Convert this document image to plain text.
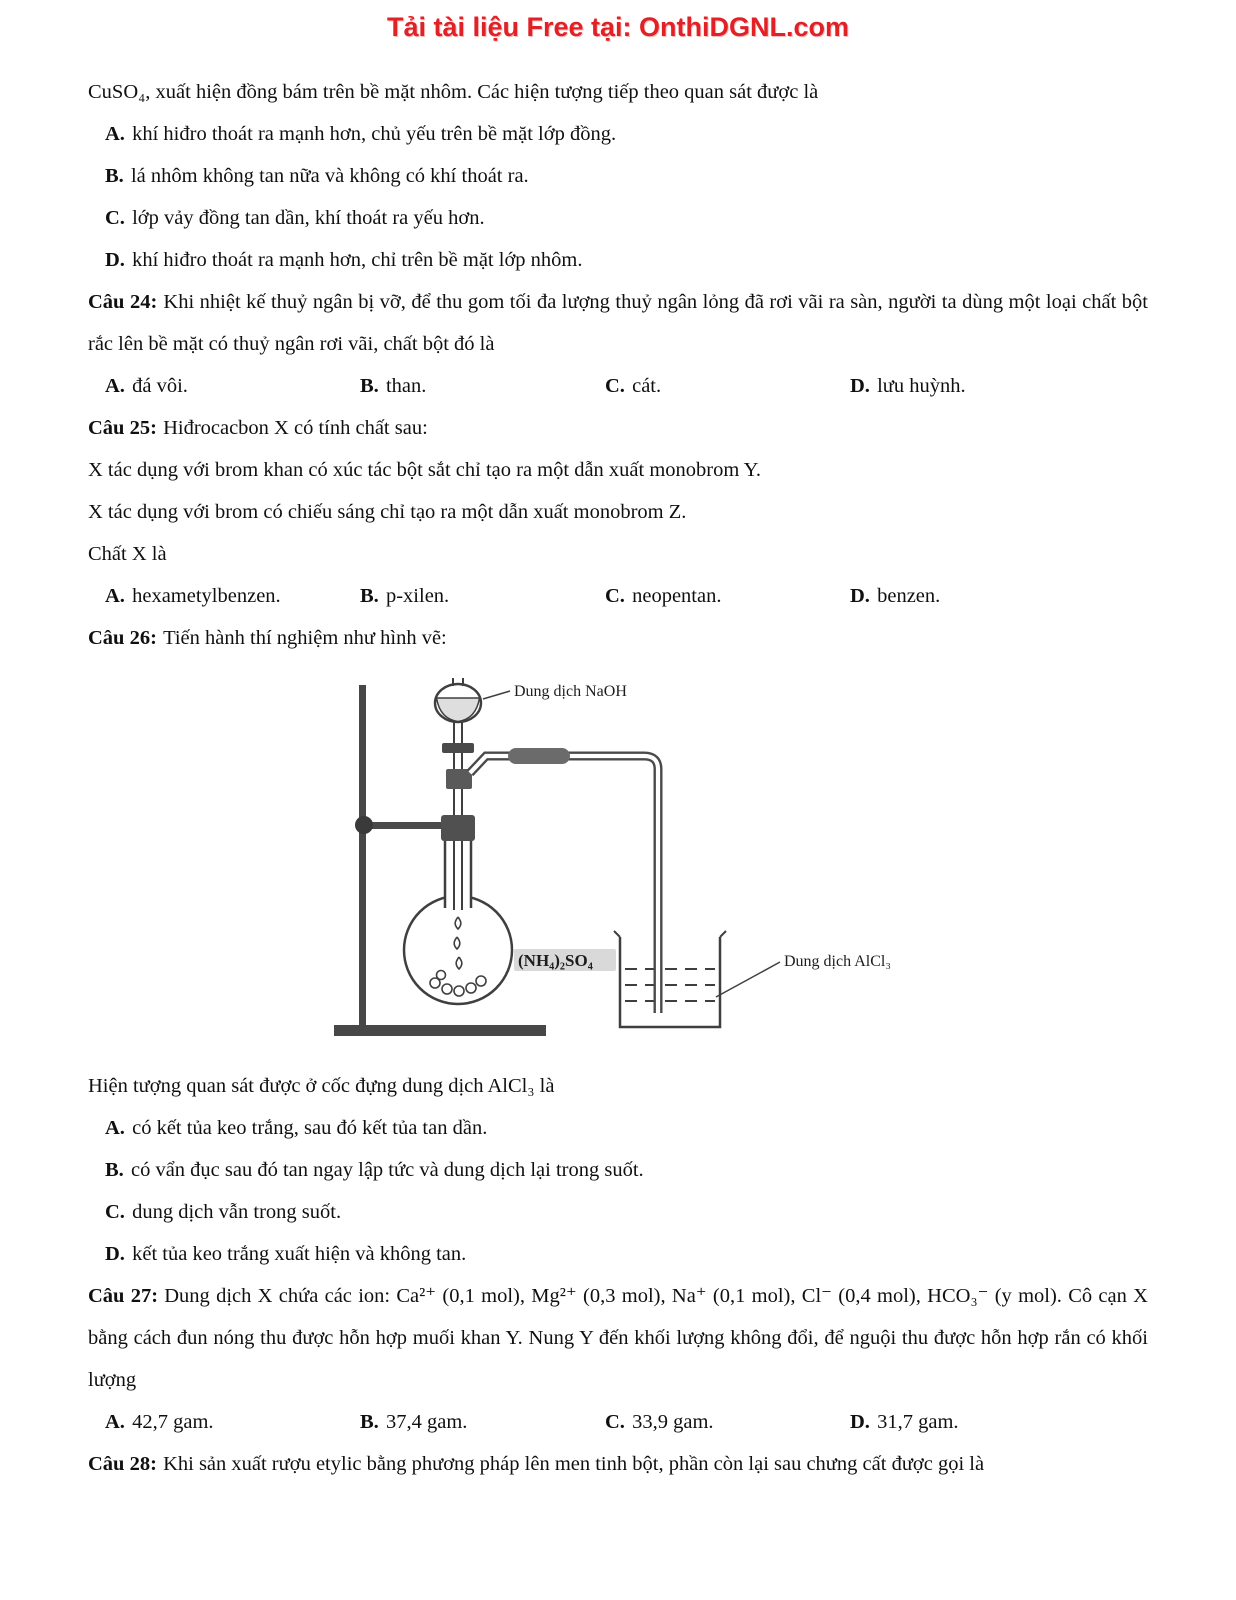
Tải tài liệu Free tại: OnthiDGNL.com

CuSO₄, xuất hiện đồng bám trên bề mặt nhôm. Các hiện tượng tiếp theo quan sát được là

A. khí hiđro thoát ra mạnh hơn, chủ yếu trên bề mặt lớp đồng.

B. lá nhôm không tan nữa và không có khí thoát ra.

C. lớp vảy đồng tan dần, khí thoát ra yếu hơn.

D. khí hiđro thoát ra mạnh hơn, chỉ trên bề mặt lớp nhôm.

Câu 24: Khi nhiệt kế thuỷ ngân bị vỡ, để thu gom tối đa lượng thuỷ ngân lỏng đã rơi vãi ra sàn, người ta dùng một loại chất bột rắc lên bề mặt có thuỷ ngân rơi vãi, chất bột đó là

A. đá vôi.	B. than.	C. cát.	D. lưu huỳnh.

Câu 25: Hiđrocacbon X có tính chất sau:

X tác dụng với brom khan có xúc tác bột sắt chỉ tạo ra một dẫn xuất monobrom Y.

X tác dụng với brom có chiếu sáng chỉ tạo ra một dẫn xuất monobrom Z.

Chất X là

A. hexametylbenzen.	B. p-xilen.	C. neopentan.	D. benzen.

Câu 26: Tiến hành thí nghiệm như hình vẽ:

Dung dịch NaOH
(NH₄)₂SO₄	Dung dịch AlCl₃

Hiện tượng quan sát được ở cốc đựng dung dịch AlCl₃ là

A. có kết tủa keo trắng, sau đó kết tủa tan dần.

B. có vẩn đục sau đó tan ngay lập tức và dung dịch lại trong suốt.

C. dung dịch vẫn trong suốt.

D. kết tủa keo trắng xuất hiện và không tan.

Câu 27: Dung dịch X chứa các ion: Ca²⁺ (0,1 mol), Mg²⁺ (0,3 mol), Na⁺ (0,1 mol), Cl⁻ (0,4 mol), HCO₃⁻ (y mol). Cô cạn X bằng cách đun nóng thu được hỗn hợp muối khan Y. Nung Y đến khối lượng không đổi, để nguội thu được hỗn hợp rắn có khối lượng

A. 42,7 gam.	B. 37,4 gam.	C. 33,9 gam.	D. 31,7 gam.

Câu 28: Khi sản xuất rượu etylic bằng phương pháp lên men tinh bột, phần còn lại sau chưng cất được gọi là
